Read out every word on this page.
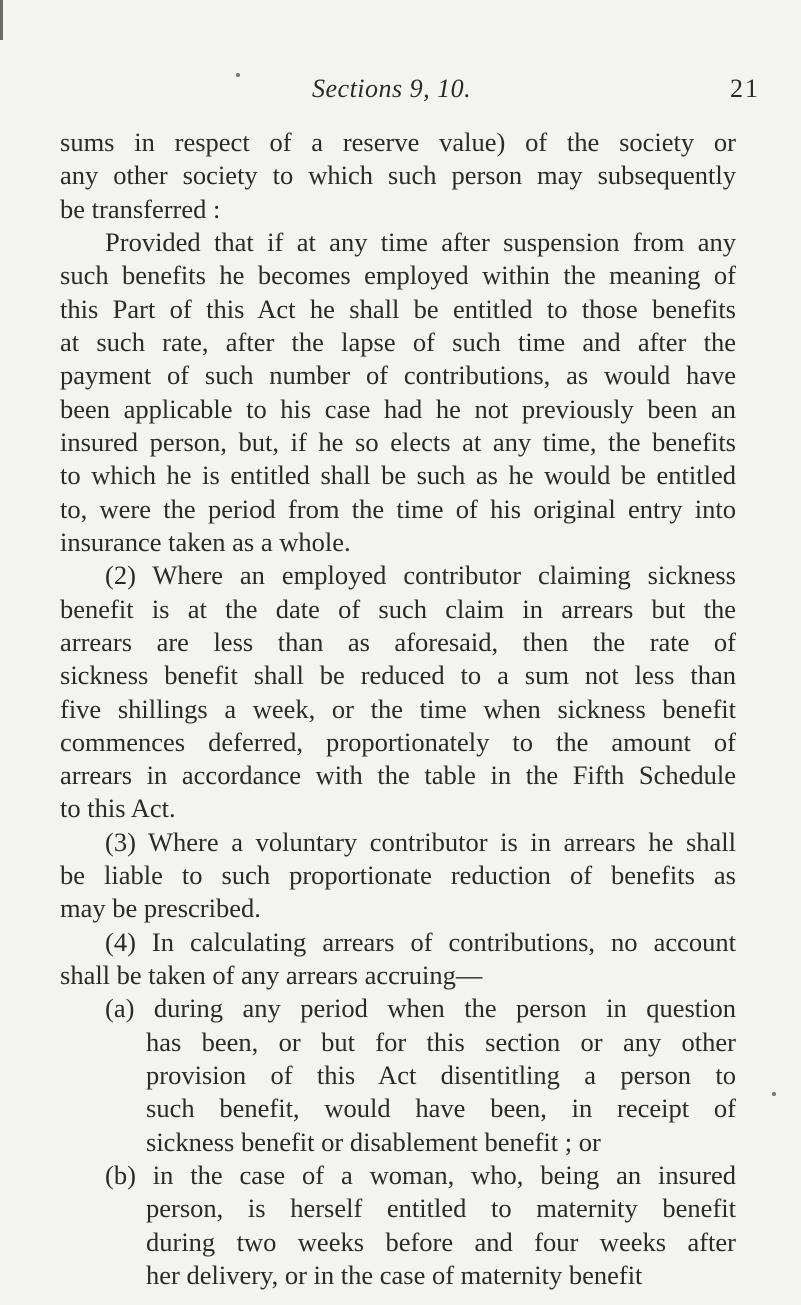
Sections 9, 10.	21
sums in respect of a reserve value) of the society or
any other society to which such person may subsequently
be transferred :
Provided that if at any time after suspension from any
such benefits he becomes employed within the meaning of
this Part of this Act he shall be entitled to those benefits
at such rate, after the lapse of such time and after the
payment of such number of contributions, as would have
been applicable to his case had he not previously been an
insured person, but, if he so elects at any time, the benefits
to which he is entitled shall be such as he would be entitled
to, were the period from the time of his original entry into
insurance taken as a whole.
(2) Where an employed contributor claiming sickness
benefit is at the date of such claim in arrears but the
arrears are less than as aforesaid, then the rate of
sickness benefit shall be reduced to a sum not less than
five shillings a week, or the time when sickness benefit
commences deferred, proportionately to the amount of
arrears in accordance with the table in the Fifth Schedule
to this Act.
(3) Where a voluntary contributor is in arrears he shall
be liable to such proportionate reduction of benefits as
may be prescribed.
(4) In calculating arrears of contributions, no account
shall be taken of any arrears accruing—
(a) during any period when the person in question
has been, or but for this section or any other
provision of this Act disentitling a person to
such benefit, would have been, in receipt of
sickness benefit or disablement benefit ; or
(b) in the case of a woman, who, being an insured
person, is herself entitled to maternity benefit
during two weeks before and four weeks after
her delivery, or in the case of maternity benefit
